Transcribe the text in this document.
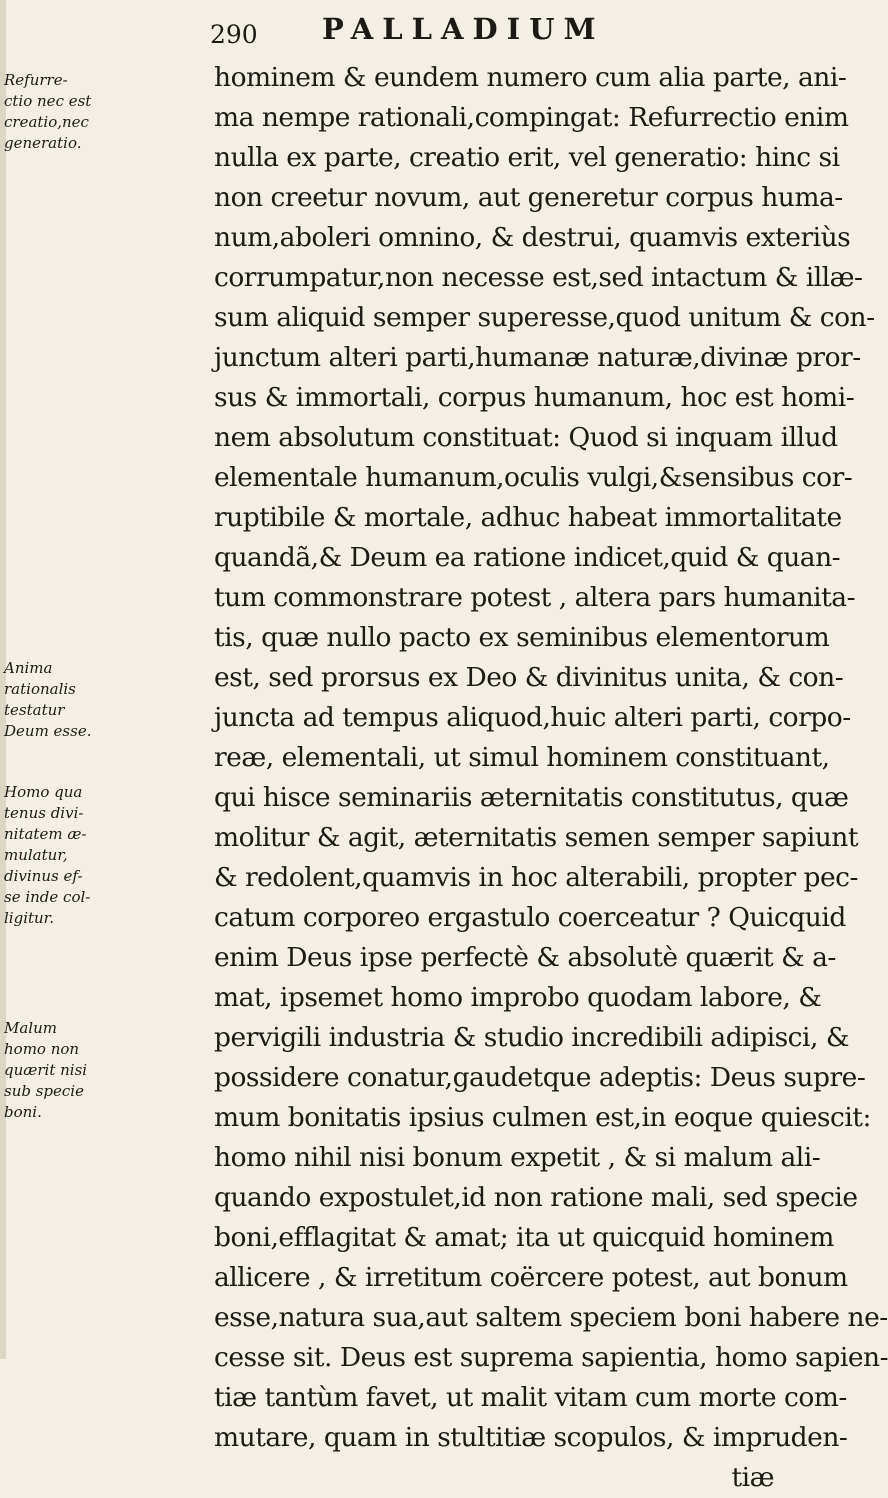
290 PALLADIUM
Refurre-
ctio nec est
creatio,nec
generatio.
Anima
rationalis
testatur
Deum esse.
Homo qua
tenus divi-
nitatem æ-
mulatur,
divinus ef-
se inde col-
ligitur.
Malum
homo non
quærit nisi
sub specie
boni.
hominem & eundem numero cum alia parte, ani-
ma nempe rationali,compingat: Refurrectio enim
nulla ex parte, creatio erit, vel generatio: hinc si
non creetur novum, aut generetur corpus huma-
num,aboleri omnino, & destrui, quamvis exteriùs
corrumpatur,non necesse est,sed intactum & illæ-
sum aliquid semper superesse,quod unitum & con-
junctum alteri parti,humanæ naturæ,divinæ pror-
sus & immortali, corpus humanum, hoc est homi-
nem absolutum constituat: Quod si inquam illud
elementale humanum,oculis vulgi,&sensibus cor-
ruptibile & mortale, adhuc habeat immortalitate
quandã,& Deum ea ratione indicet,quid & quan-
tum commonstrare potest , altera pars humanita-
tis, quæ nullo pacto ex seminibus elementorum
est, sed prorsus ex Deo & divinitus unita, & con-
juncta ad tempus aliquod,huic alteri parti, corpo-
reæ, elementali, ut simul hominem constituant,
qui hisce seminariis æternitatis constitutus, quæ
molitur & agit, æternitatis semen semper sapiunt
& redolent,quamvis in hoc alterabili, propter pec-
catum corporeo ergastulo coerceatur ? Quicquid
enim Deus ipse perfectè & absolutè quærit & a-
mat, ipsemet homo improbo quodam labore, &
pervigili industria & studio incredibili adipisci, &
possidere conatur,gaudetque adeptis: Deus supre-
mum bonitatis ipsius culmen est,in eoque quiescit:
homo nihil nisi bonum expetit , & si malum ali-
quando expostulet,id non ratione mali, sed specie
boni,efflagitat & amat; ita ut quicquid hominem
allicere , & irretitum coërcere potest, aut bonum
esse,natura sua,aut saltem speciem boni habere ne-
cesse sit. Deus est suprema sapientia, homo sapien-
tiæ tantùm favet, ut malit vitam cum morte com-
mutare, quam in stultitiæ scopulos, & impruden-
tiæ
